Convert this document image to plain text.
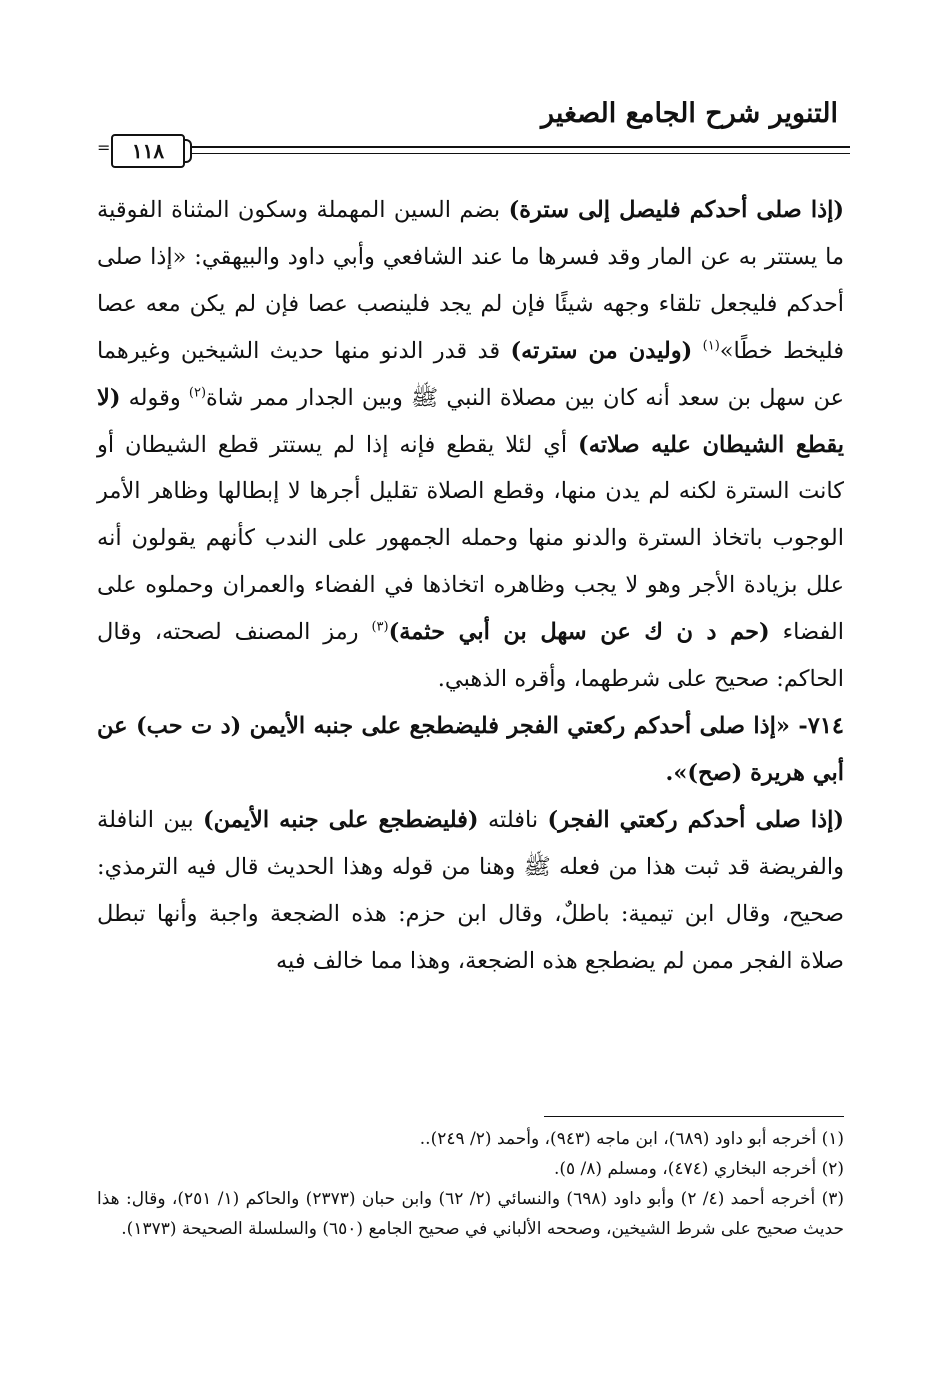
التنوير شرح الجامع الصغير
١١٨
=

(إذا صلى أحدكم فليصل إلى سترة) بضم السين المهملة وسكون المثناة الفوقية ما يستتر به عن المار وقد فسرها ما عند الشافعي وأبي داود والبيهقي: «إذا صلى أحدكم فليجعل تلقاء وجهه شيئًا فإن لم يجد فلينصب عصا فإن لم يكن معه عصا فليخط خطًا»$^{(١)}$ (وليدن من سترته) قد قدر الدنو منها حديث الشيخين وغيرهما عن سهل بن سعد أنه كان بين مصلاة النبي ﷺ وبين الجدار ممر شاة$^{(٢)}$ وقوله (لا يقطع الشيطان عليه صلاته) أي لئلا يقطع فإنه إذا لم يستتر قطع الشيطان أو كانت السترة لكنه لم يدن منها، وقطع الصلاة تقليل أجرها لا إبطالها وظاهر الأمر الوجوب باتخاذ السترة والدنو منها وحمله الجمهور على الندب كأنهم يقولون أنه علل بزيادة الأجر وهو لا يجب وظاهره اتخاذها في الفضاء والعمران وحملوه على الفضاء (حم د ن ك عن سهل بن أبي حثمة)$^{(٣)}$ رمز المصنف لصحته، وقال الحاكم: صحيح على شرطهما، وأقره الذهبي.

٧١٤- «إذا صلى أحدكم ركعتي الفجر فليضطجع على جنبه الأيمن (د ت حب) عن أبي هريرة (صح)».

(إذا صلى أحدكم ركعتي الفجر) نافلته (فليضطجع على جنبه الأيمن) بين النافلة والفريضة قد ثبت هذا من فعله ﷺ وهنا من قوله وهذا الحديث قال فيه الترمذي: صحيح، وقال ابن تيمية: باطلٌ، وقال ابن حزم: هذه الضجعة واجبة وأنها تبطل صلاة الفجر ممن لم يضطجع هذه الضجعة، وهذا مما خالف فيه

(١) أخرجه أبو داود (٦٨٩)، ابن ماجه (٩٤٣)، وأحمد (٢/ ٢٤٩)..

(٢) أخرجه البخاري (٤٧٤)، ومسلم (٨/ ٥).

(٣) أخرجه أحمد (٤/ ٢) وأبو داود (٦٩٨) والنسائي (٢/ ٦٢) وابن حبان (٢٣٧٣) والحاكم (١/ ٢٥١)، وقال: هذا حديث صحيح على شرط الشيخين، وصححه الألباني في صحيح الجامع (٦٥٠) والسلسلة الصحيحة (١٣٧٣).
